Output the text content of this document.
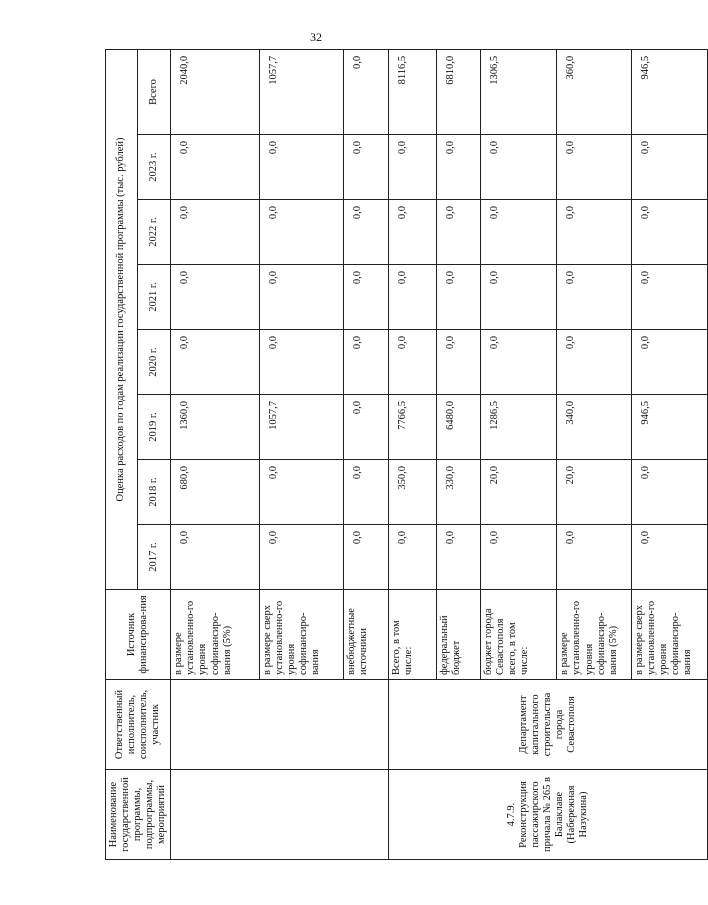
32
Наименование государственной программы, подпрограммы, мероприятий	Ответственный исполнитель, соисполнитель, участник	Источник финансирова-ния	Оценка расходов по годам реализации государственной программы (тыс. рублей)							
			2017 г.	2018 г.	2019 г.	2020 г.	2021 г.	2022 г.	2023 г.	Всего
		в размере установленно-го уровня софинансиро-вания (5%)	0,0	680,0	1360,0	0,0	0,0	0,0	0,0	2040,0
		в размере сверх установленно-го уровня софинансиро-вания	0,0	0,0	1057,7	0,0	0,0	0,0	0,0	1057,7
		внебюджетные источники	0,0	0,0	0,0	0,0	0,0	0,0	0,0	0,0
4.7.9. Реконструкция пассажирского причала № 265 в Балаклаве (Набережная Назукина)	Департамент капитального строительства города Севастополя	Всего, в том числе:	0,0	350,0	7766,5	0,0	0,0	0,0	0,0	8116,5
		федеральный бюджет	0,0	330,0	6480,0	0,0	0,0	0,0	0,0	6810,0
		бюджет города Севастополя всего, в том числе:	0,0	20,0	1286,5	0,0	0,0	0,0	0,0	1306,5
		в размере установленно-го уровня софинансиро-вания (5%)	0,0	20,0	340,0	0,0	0,0	0,0	0,0	360,0
		в размере сверх установленно-го уровня софинансиро-вания	0,0	0,0	946,5	0,0	0,0	0,0	0,0	946,5
